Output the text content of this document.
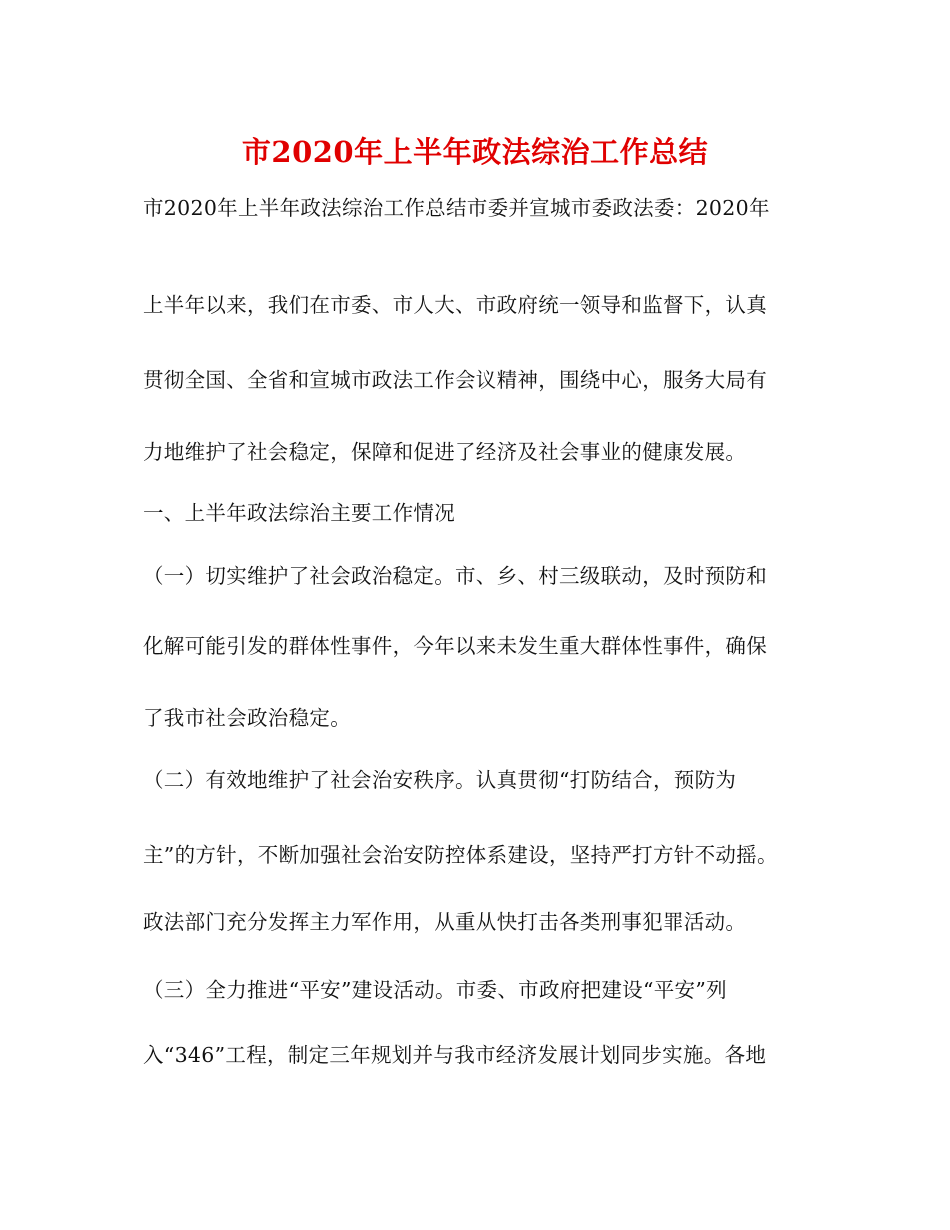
市2020年上半年政法综治工作总结
市2020年上半年政法综治工作总结市委并宣城市委政法委：2020年
上半年以来，我们在市委、市人大、市政府统一领导和监督下，认真
贯彻全国、全省和宣城市政法工作会议精神，围绕中心，服务大局有
力地维护了社会稳定，保障和促进了经济及社会事业的健康发展。
一、上半年政法综治主要工作情况
（一）切实维护了社会政治稳定。市、乡、村三级联动，及时预防和
化解可能引发的群体性事件，今年以来未发生重大群体性事件，确保
了我市社会政治稳定。
（二）有效地维护了社会治安秩序。认真贯彻“打防结合，预防为
主”的方针，不断加强社会治安防控体系建设，坚持严打方针不动摇。
政法部门充分发挥主力军作用，从重从快打击各类刑事犯罪活动。
（三）全力推进“平安”建设活动。市委、市政府把建设“平安”列
入“346”工程，制定三年规划并与我市经济发展计划同步实施。各地
